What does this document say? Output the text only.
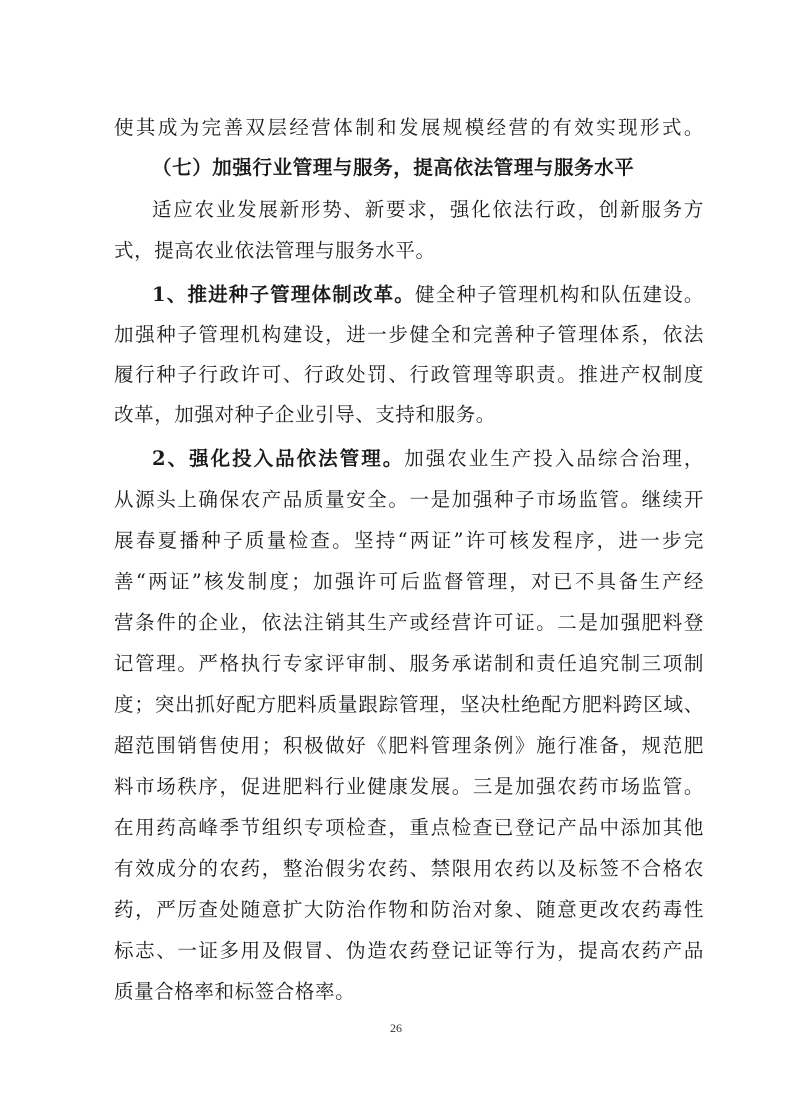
使其成为完善双层经营体制和发展规模经营的有效实现形式。
（七）加强行业管理与服务，提高依法管理与服务水平
适应农业发展新形势、新要求，强化依法行政，创新服务方
式，提高农业依法管理与服务水平。
1、推进种子管理体制改革。健全种子管理机构和队伍建设。
加强种子管理机构建设，进一步健全和完善种子管理体系，依法
履行种子行政许可、行政处罚、行政管理等职责。推进产权制度
改革，加强对种子企业引导、支持和服务。
2、强化投入品依法管理。加强农业生产投入品综合治理，
从源头上确保农产品质量安全。一是加强种子市场监管。继续开
展春夏播种子质量检查。坚持“两证”许可核发程序，进一步完
善“两证”核发制度；加强许可后监督管理，对已不具备生产经
营条件的企业，依法注销其生产或经营许可证。二是加强肥料登
记管理。严格执行专家评审制、服务承诺制和责任追究制三项制
度；突出抓好配方肥料质量跟踪管理，坚决杜绝配方肥料跨区域、
超范围销售使用；积极做好《肥料管理条例》施行准备，规范肥
料市场秩序，促进肥料行业健康发展。三是加强农药市场监管。
在用药高峰季节组织专项检查，重点检查已登记产品中添加其他
有效成分的农药，整治假劣农药、禁限用农药以及标签不合格农
药，严厉查处随意扩大防治作物和防治对象、随意更改农药毒性
标志、一证多用及假冒、伪造农药登记证等行为，提高农药产品
质量合格率和标签合格率。
26
